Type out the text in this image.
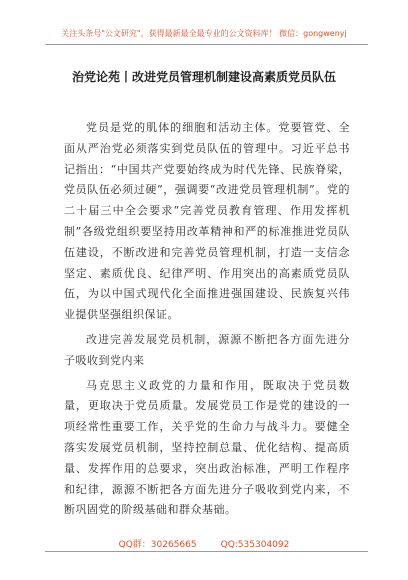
关注头条号"公文研究"，获得最新最全最专业的公文资料库！ 微信：gongwenyj
治党论苑丨改进党员管理机制建设高素质党员队伍

党员是党的肌体的细胞和活动主体。党要管党、全面从严治党必须落实到党员队伍的管理中。习近平总书记指出：“中国共产党要始终成为时代先锋、民族脊梁，党员队伍必须过硬”，强调要“改进党员管理机制”。党的二十届三中全会要求“完善党员教育管理、作用发挥机制”各级党组织要坚持用改革精神和严的标准推进党员队伍建设，不断改进和完善党员管理机制，打造一支信念坚定、素质优良、纪律严明、作用突出的高素质党员队伍，为以中国式现代化全面推进强国建设、民族复兴伟业提供坚强组织保证。

改进完善发展党员机制，源源不断把各方面先进分子吸收到党内来

马克思主义政党的力量和作用，既取决于党员数量，更取决于党员质量。发展党员工作是党的建设的一项经常性重要工作，关乎党的生命力与战斗力。要健全落实发展党员机制，坚持控制总量、优化结构、提高质量、发挥作用的总要求，突出政治标准，严明工作程序和纪律，源源不断把各方面先进分子吸收到党内来，不断巩固党的阶级基础和群众基础。

QQ群：30265665	QQ:535304092
